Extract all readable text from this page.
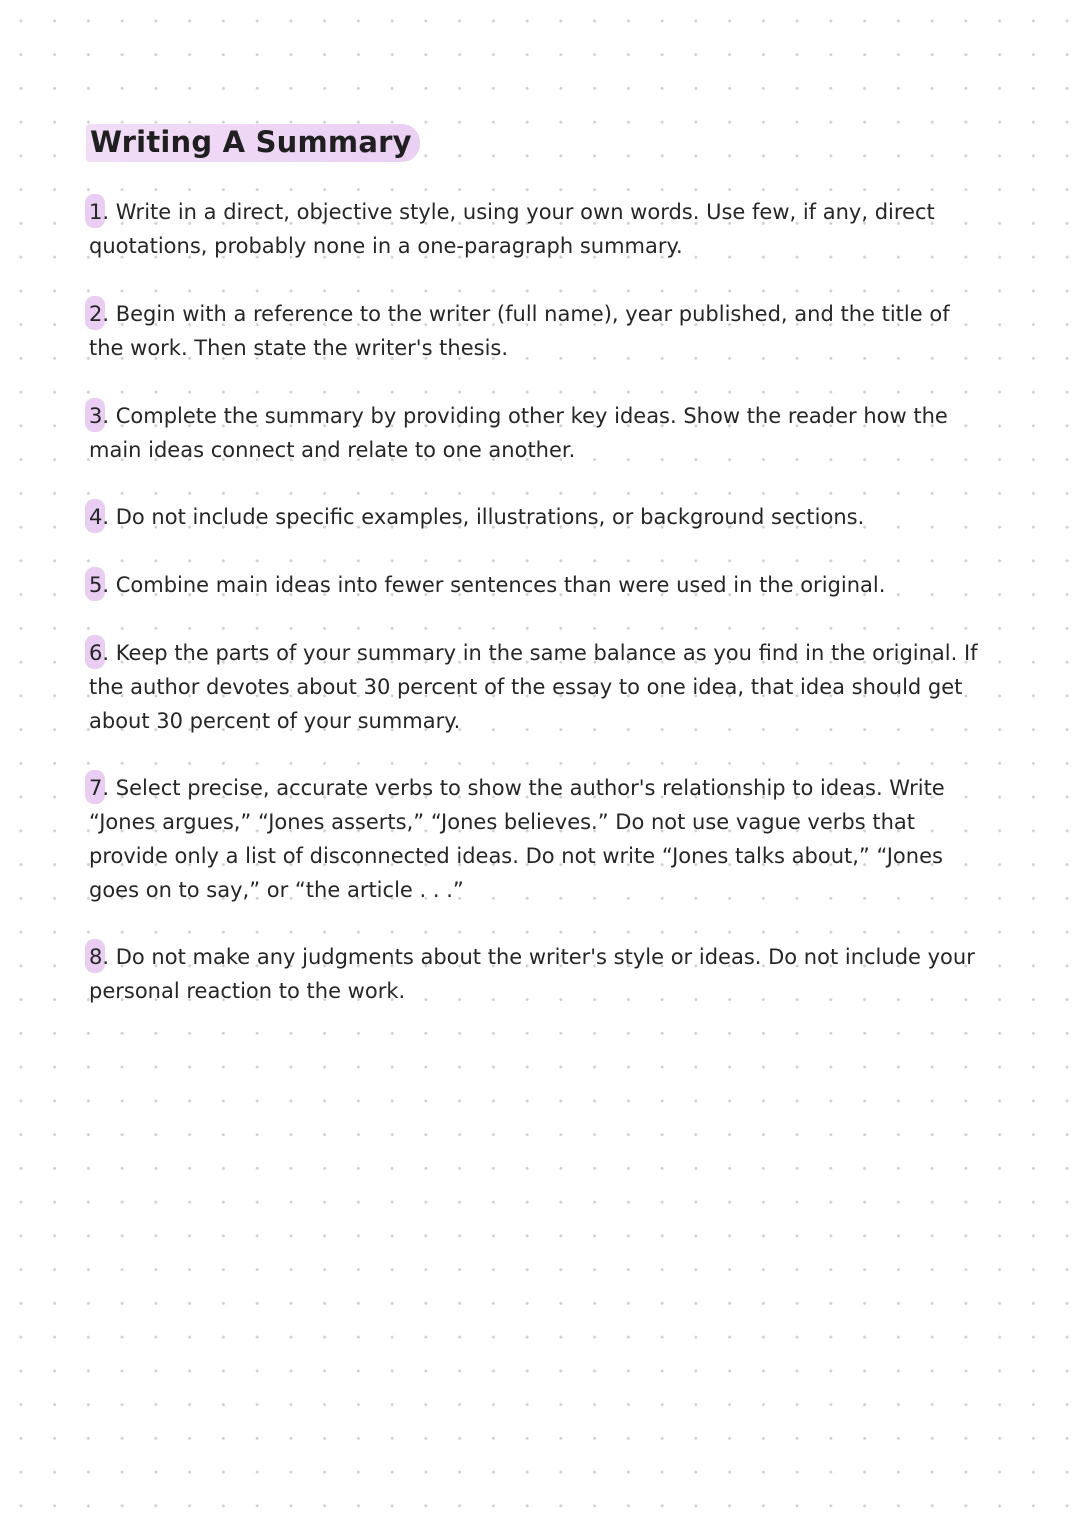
Writing A Summary

1. Write in a direct, objective style, using your own words. Use few, if any, direct quotations, probably none in a one-paragraph summary.

2. Begin with a reference to the writer (full name), year published, and the title of the work. Then state the writer's thesis.

3. Complete the summary by providing other key ideas. Show the reader how the main ideas connect and relate to one another.

4. Do not include specific examples, illustrations, or background sections.

5. Combine main ideas into fewer sentences than were used in the original.

6. Keep the parts of your summary in the same balance as you find in the original. If the author devotes about 30 percent of the essay to one idea, that idea should get about 30 percent of your summary.

7. Select precise, accurate verbs to show the author's relationship to ideas. Write “Jones argues,” “Jones asserts,” “Jones believes.” Do not use vague verbs that provide only a list of disconnected ideas. Do not write “Jones talks about,” “Jones goes on to say,” or “the article . . .”

8. Do not make any judgments about the writer's style or ideas. Do not include your personal reaction to the work.
